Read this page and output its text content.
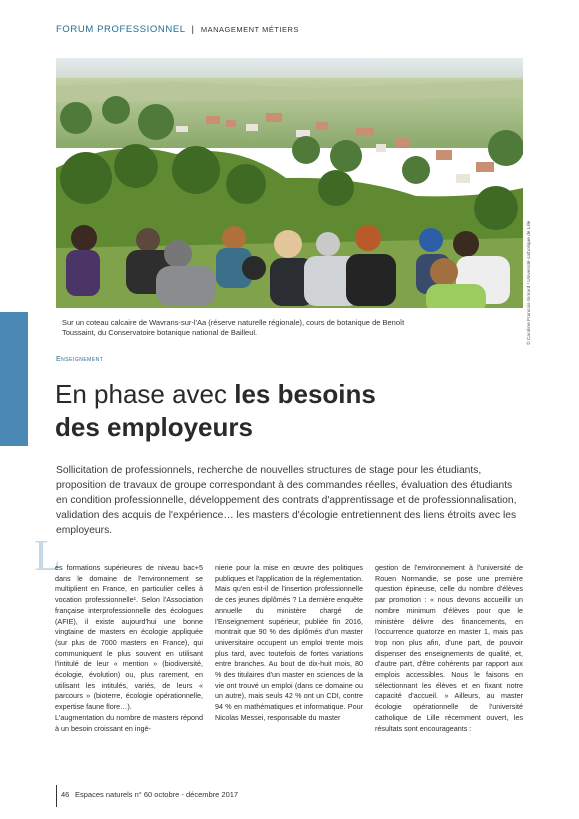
FORUM PROFESSIONNEL | MANAGEMENT MÉTIERS
Sur un coteau calcaire de Wavrans-sur-l'Aa (réserve naturelle régionale), cours de botanique de Benoît Toussaint, du Conservatoire botanique national de Bailleul.	© Caroline Francois-Simard / Université catholique de Lille
Enseignement
En phase avec les besoins
des employeurs
Sollicitation de professionnels, recherche de nouvelles structures de stage pour les étudiants, proposition de travaux de groupe correspondant à des commandes réelles, évaluation des étudiants en condition professionnelle, développement des contrats d'apprentissage et de professionnalisation, validation des acquis de l'expérience… les masters d'écologie entretiennent des liens étroits avec les employeurs.
L

es formations supérieures de niveau bac+5 dans le domaine de l'environnement se multiplient en France, en particulier celles à vocation professionnelle¹. Selon l'Association française interprofessionnelle des écologues (AFIE), il existe aujourd'hui une bonne vingtaine de masters en écologie appliquée (sur plus de 7000 masters en France), qui communiquent le plus souvent en utilisant l'intitulé de leur « mention » (biodiversité, écologie, évolution) ou, plus rarement, en utilisant les intitulés, variés, de leurs « parcours » (bioterre, écologie opérationnelle, expertise faune flore…).

L'augmentation du nombre de masters répond à un besoin croissant en ingé-

nierie pour la mise en œuvre des politiques publiques et l'application de la réglementation. Mais qu'en est-il de l'insertion professionnelle de ces jeunes diplômés ? La dernière enquête annuelle du ministère chargé de l'Enseignement supérieur, publiée fin 2016, montrait que 90 % des diplômés d'un master universitaire occupent un emploi trente mois plus tard, avec toutefois de fortes variations entre branches. Au bout de dix-huit mois, 80 % des titulaires d'un master en sciences de la vie ont trouvé un emploi (dans ce domaine ou un autre), mais seuls 42 % ont un CDI, contre 94 % en mathématiques et informatique. Pour Nicolas Messei, responsable du master

gestion de l'environnement à l'université de Rouen Normandie, se pose une première question épineuse, celle du nombre d'élèves par promotion : « nous devons accueillir un nombre minimum d'élèves pour que le ministère délivre des financements, en l'occurrence quatorze en master 1, mais pas trop non plus afin, d'une part, de pouvoir dispenser des enseignements de qualité, et, d'autre part, d'être cohérents par rapport aux emplois accessibles. Nous le faisons en sélectionnant les élèves et en fixant notre capacité d'accueil. » Ailleurs, au master écologie opérationnelle de l'université catholique de Lille récemment ouvert, les résultats sont encourageants :

46 Espaces naturels n° 60 octobre - décembre 2017
